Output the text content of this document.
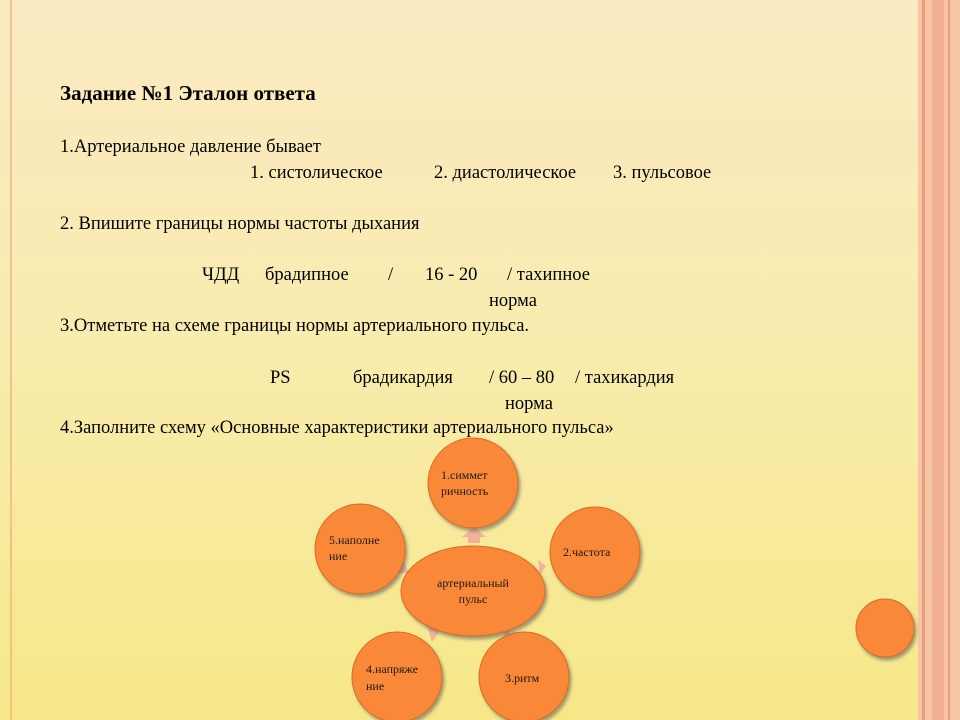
Задание №1 Эталон ответа
1.Артериальное давление бывает
1. систолическое	2. диастолическое 3. пульсовое
2. Впишите границы нормы частоты дыхания
ЧДД брадипное / 16 - 20 / тахипное
норма
3.Отметьте на схеме границы нормы артериального пульса.
PS	брадикардия / 60 – 80 / тахикардия
норма
4.Заполните схему «Основные характеристики артериального пульса»
1.симмет
ричность
2.частота
3.ритм
4.напряже
ние
5.наполне
ние
артериальный
пульс
